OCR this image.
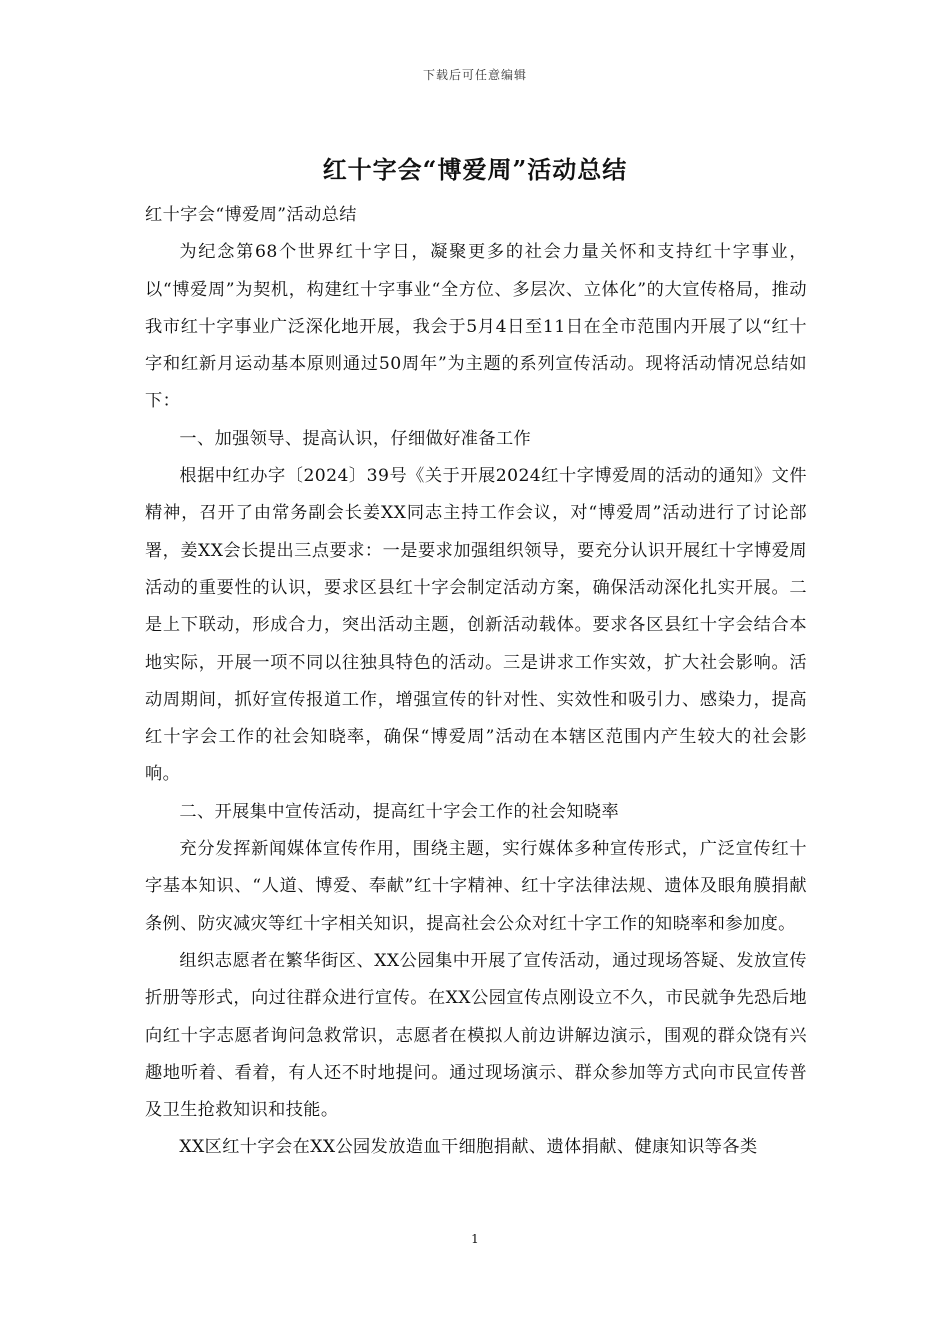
下载后可任意编辑
红十字会“博爱周”活动总结

红十字会“博爱周”活动总结

为纪念第68个世界红十字日，凝聚更多的社会力量关怀和支持红十字事业，以“博爱周”为契机，构建红十字事业“全方位、多层次、立体化”的大宣传格局，推动我市红十字事业广泛深化地开展，我会于5月4日至11日在全市范围内开展了以“红十字和红新月运动基本原则通过50周年”为主题的系列宣传活动。现将活动情况总结如下：

一、加强领导、提高认识，仔细做好准备工作

根据中红办字〔2024〕39号《关于开展2024红十字博爱周的活动的通知》文件精神，召开了由常务副会长姜XX同志主持工作会议，对“博爱周”活动进行了讨论部署，姜XX会长提出三点要求：一是要求加强组织领导，要充分认识开展红十字博爱周活动的重要性的认识，要求区县红十字会制定活动方案，确保活动深化扎实开展。二是上下联动，形成合力，突出活动主题，创新活动载体。要求各区县红十字会结合本地实际，开展一项不同以往独具特色的活动。三是讲求工作实效，扩大社会影响。活动周期间，抓好宣传报道工作，增强宣传的针对性、实效性和吸引力、感染力，提高红十字会工作的社会知晓率，确保“博爱周”活动在本辖区范围内产生较大的社会影响。

二、开展集中宣传活动，提高红十字会工作的社会知晓率

充分发挥新闻媒体宣传作用，围绕主题，实行媒体多种宣传形式，广泛宣传红十字基本知识、“人道、博爱、奉献”红十字精神、红十字法律法规、遗体及眼角膜捐献条例、防灾减灾等红十字相关知识，提高社会公众对红十字工作的知晓率和参加度。

组织志愿者在繁华街区、XX公园集中开展了宣传活动，通过现场答疑、发放宣传折册等形式，向过往群众进行宣传。在XX公园宣传点刚设立不久，市民就争先恐后地向红十字志愿者询问急救常识，志愿者在模拟人前边讲解边演示，围观的群众饶有兴趣地听着、看着，有人还不时地提问。通过现场演示、群众参加等方式向市民宣传普及卫生抢救知识和技能。

XX区红十字会在XX公园发放造血干细胞捐献、遗体捐献、健康知识等各类

1
